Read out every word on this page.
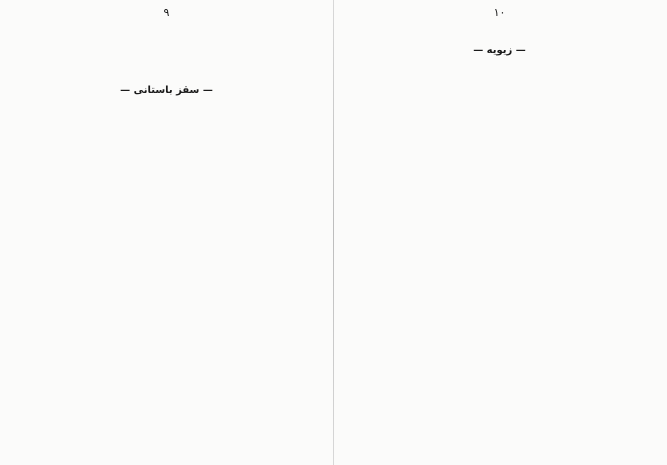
۹

— سقز باستانی —

۱۰

— زیویه —
